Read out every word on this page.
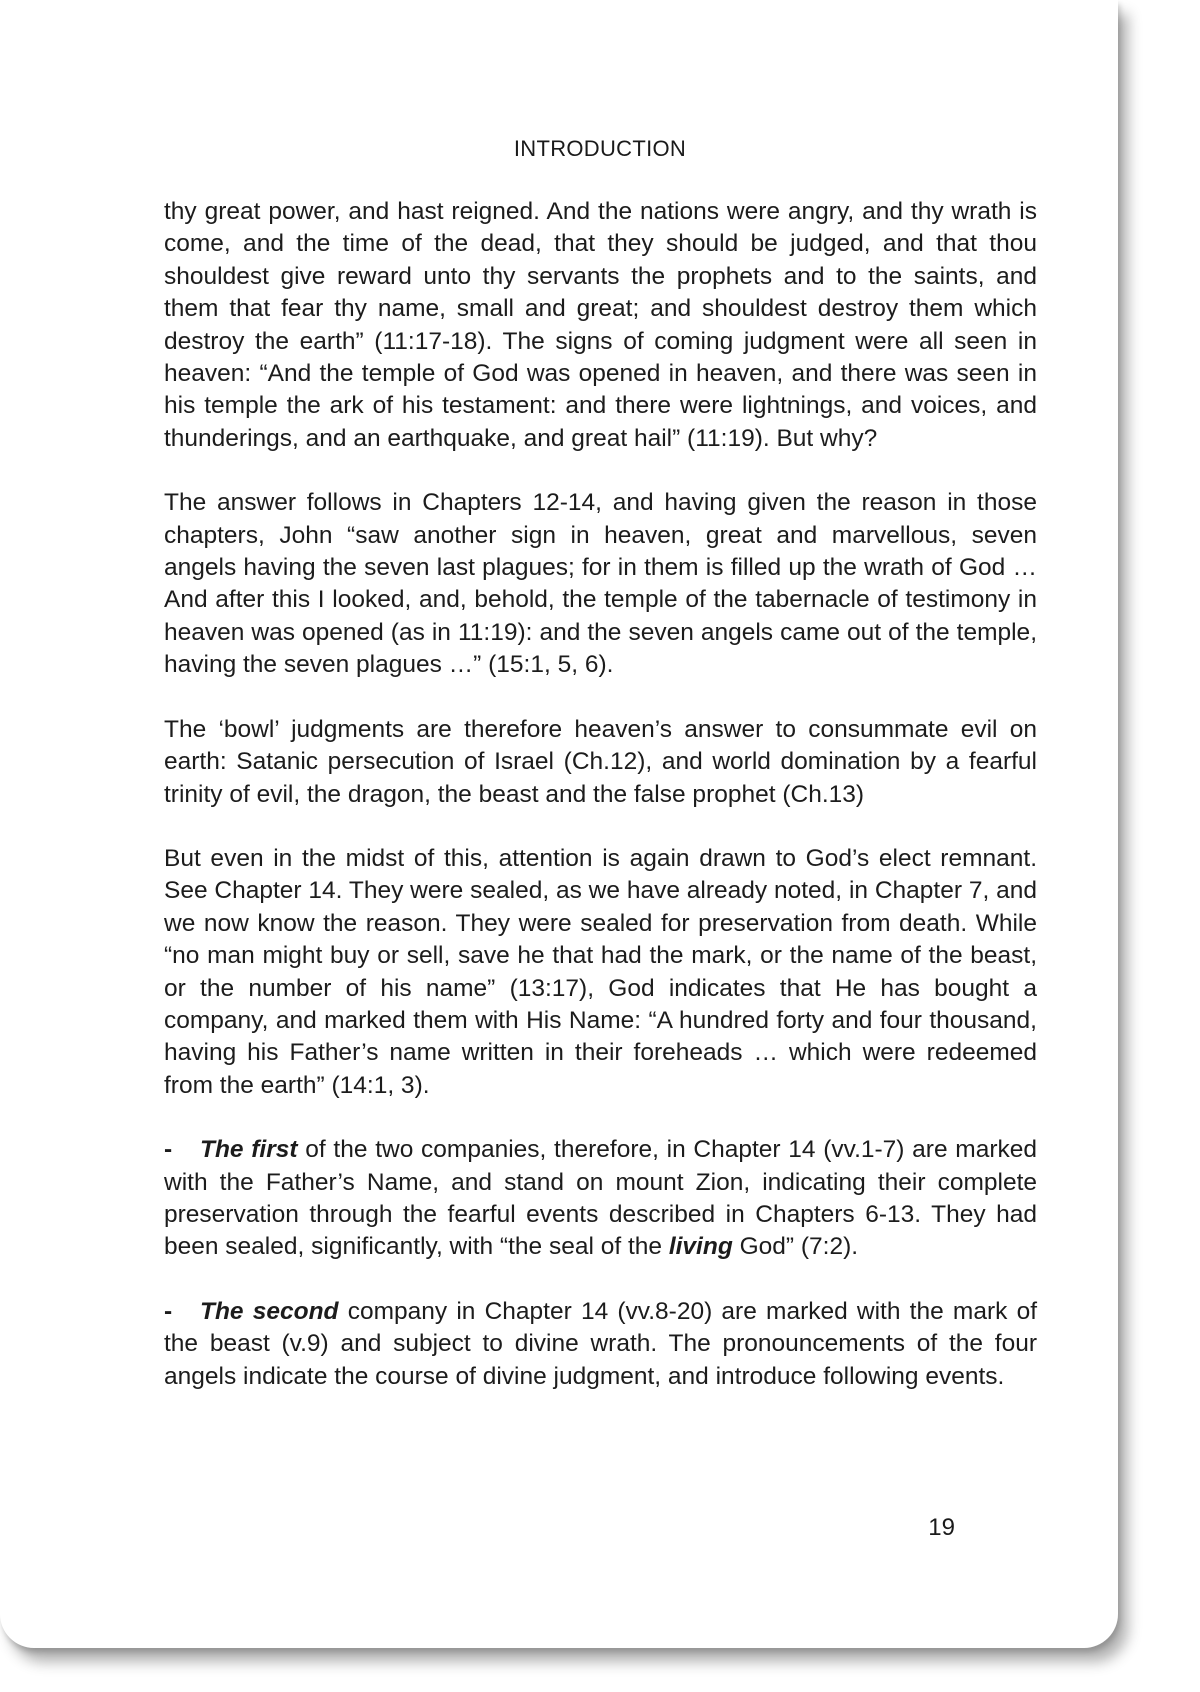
INTRODUCTION

thy great power, and hast reigned. And the nations were angry, and thy wrath is come, and the time of the dead, that they should be judged, and that thou shouldest give reward unto thy servants the prophets and to the saints, and them that fear thy name, small and great; and shouldest destroy them which destroy the earth” (11:17-18). The signs of coming judgment were all seen in heaven: “And the temple of God was opened in heaven, and there was seen in his temple the ark of his testament: and there were lightnings, and voices, and thunderings, and an earthquake, and great hail” (11:19). But why?

The answer follows in Chapters 12-14, and having given the reason in those chapters, John “saw another sign in heaven, great and marvellous, seven angels having the seven last plagues; for in them is filled up the wrath of God … And after this I looked, and, behold, the temple of the tabernacle of testimony in heaven was opened (as in 11:19): and the seven angels came out of the temple, having the seven plagues …” (15:1, 5, 6).

The ‘bowl’ judgments are therefore heaven’s answer to consummate evil on earth: Satanic persecution of Israel (Ch.12), and world domination by a fearful trinity of evil, the dragon, the beast and the false prophet (Ch.13)

But even in the midst of this, attention is again drawn to God’s elect remnant. See Chapter 14. They were sealed, as we have already noted, in Chapter 7, and we now know the reason. They were sealed for preservation from death. While “no man might buy or sell, save he that had the mark, or the name of the beast, or the number of his name” (13:17), God indicates that He has bought a company, and marked them with His Name: “A hundred forty and four thousand, having his Father’s name written in their foreheads … which were redeemed from the earth” (14:1, 3).

- The first of the two companies, therefore, in Chapter 14 (vv.1-7) are marked with the Father’s Name, and stand on mount Zion, indicating their complete preservation through the fearful events described in Chapters 6-13. They had been sealed, significantly, with “the seal of the living God” (7:2).

- The second company in Chapter 14 (vv.8-20) are marked with the mark of the beast (v.9) and subject to divine wrath. The pronouncements of the four angels indicate the course of divine judgment, and introduce following events.

19
